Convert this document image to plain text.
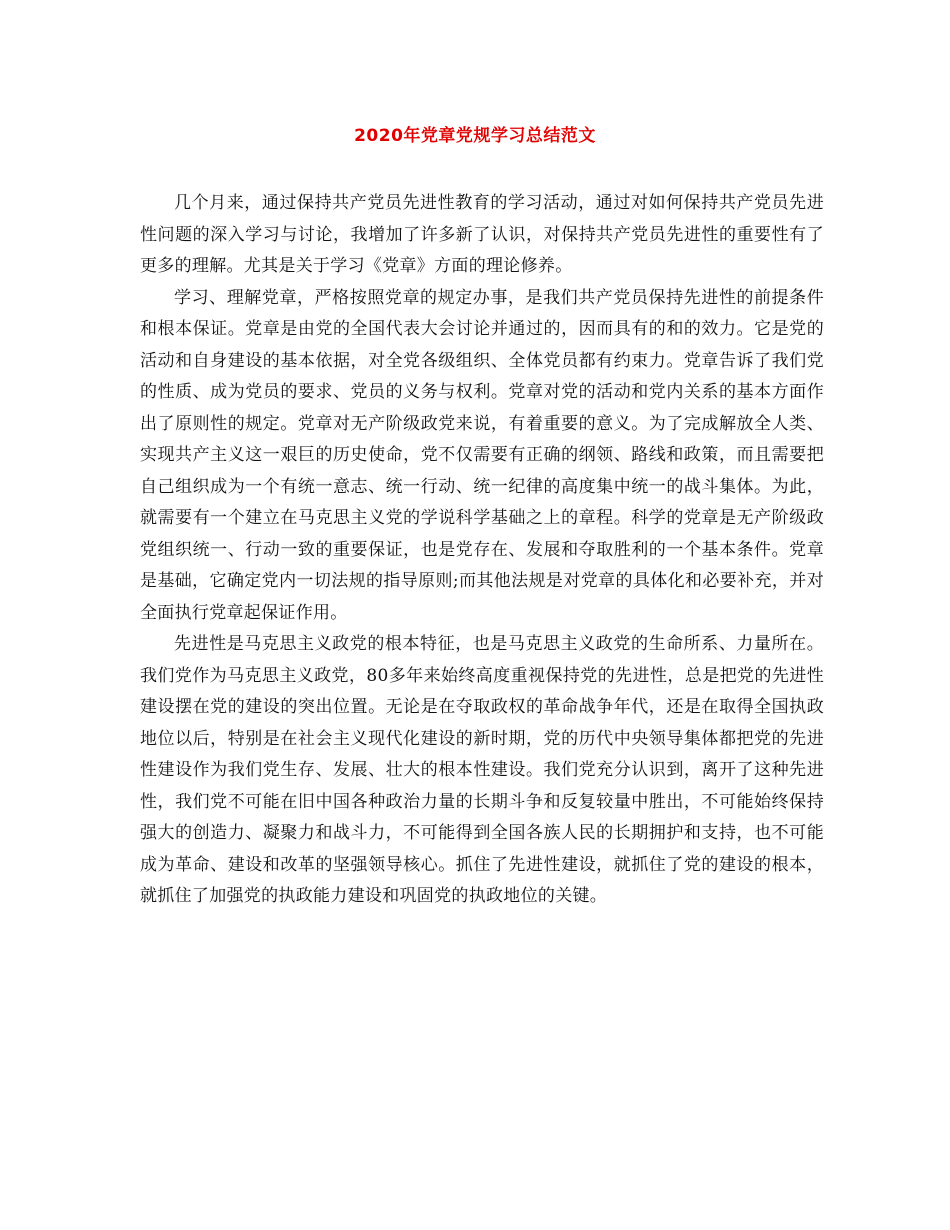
2020年党章党规学习总结范文

几个月来，通过保持共产党员先进性教育的学习活动，通过对如何保持共产党员先进性问题的深入学习与讨论，我增加了许多新了认识，对保持共产党员先进性的重要性有了更多的理解。尤其是关于学习《党章》方面的理论修养。

学习、理解党章，严格按照党章的规定办事，是我们共产党员保持先进性的前提条件和根本保证。党章是由党的全国代表大会讨论并通过的，因而具有的和的效力。它是党的活动和自身建设的基本依据，对全党各级组织、全体党员都有约束力。党章告诉了我们党的性质、成为党员的要求、党员的义务与权利。党章对党的活动和党内关系的基本方面作出了原则性的规定。党章对无产阶级政党来说，有着重要的意义。为了完成解放全人类、实现共产主义这一艰巨的历史使命，党不仅需要有正确的纲领、路线和政策，而且需要把自己组织成为一个有统一意志、统一行动、统一纪律的高度集中统一的战斗集体。为此，就需要有一个建立在马克思主义党的学说科学基础之上的章程。科学的党章是无产阶级政党组织统一、行动一致的重要保证，也是党存在、发展和夺取胜利的一个基本条件。党章是基础，它确定党内一切法规的指导原则;而其他法规是对党章的具体化和必要补充，并对全面执行党章起保证作用。

先进性是马克思主义政党的根本特征，也是马克思主义政党的生命所系、力量所在。我们党作为马克思主义政党，80多年来始终高度重视保持党的先进性，总是把党的先进性建设摆在党的建设的突出位置。无论是在夺取政权的革命战争年代，还是在取得全国执政地位以后，特别是在社会主义现代化建设的新时期，党的历代中央领导集体都把党的先进性建设作为我们党生存、发展、壮大的根本性建设。我们党充分认识到，离开了这种先进性，我们党不可能在旧中国各种政治力量的长期斗争和反复较量中胜出，不可能始终保持强大的创造力、凝聚力和战斗力，不可能得到全国各族人民的长期拥护和支持，也不可能成为革命、建设和改革的坚强领导核心。抓住了先进性建设，就抓住了党的建设的根本，就抓住了加强党的执政能力建设和巩固党的执政地位的关键。
